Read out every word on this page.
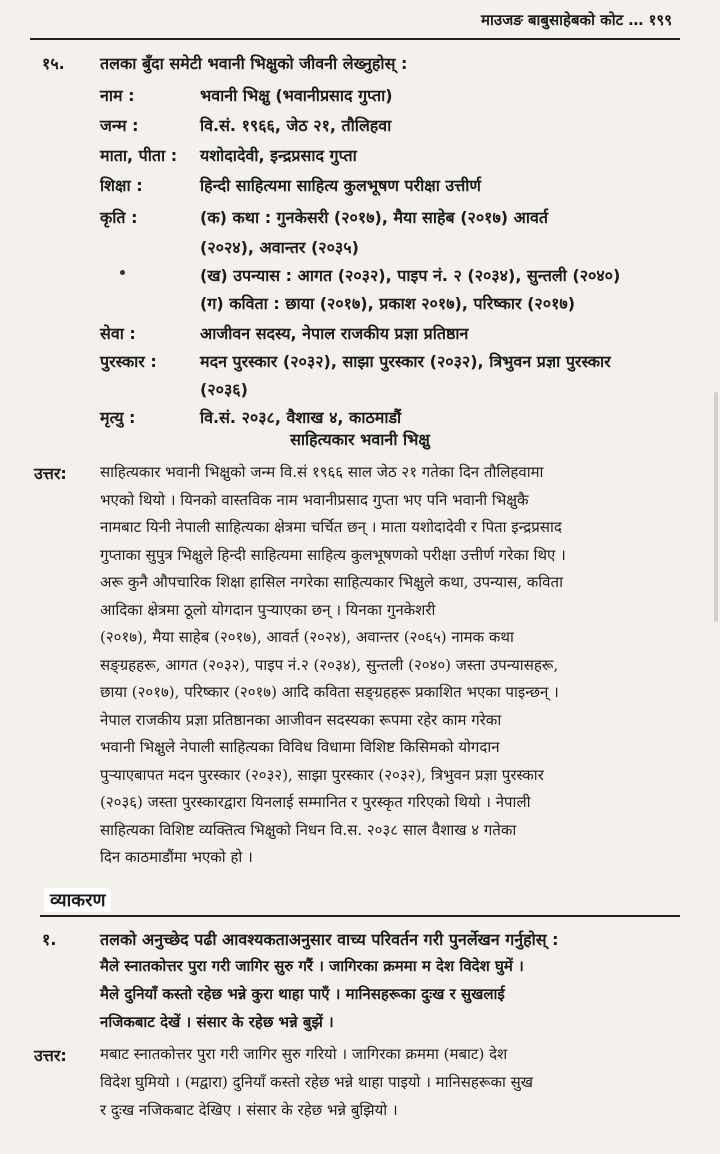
माउजङ बाबुसाहेबको कोट … १९९
१५. तलका बुँदा समेटी भवानी भिक्षुको जीवनी लेख्नुहोस् :
नाम :	भवानी भिक्षु (भवानीप्रसाद गुप्ता)
जन्म :	वि.सं. १९६६, जेठ २१, तौलिहवा
माता, पीता : यशोदादेवी, इन्द्रप्रसाद गुप्ता
शिक्षा :	हिन्दी साहित्यमा साहित्य कुलभूषण परीक्षा उत्तीर्ण
कृति :	(क) कथा : गुनकेसरी (२०१७), मैया साहेब (२०१७) आवर्त
(२०२४), अवान्तर (२०३५)
(ख) उपन्यास : आगत (२०३२), पाइप नं. २ (२०३४), सुन्तली (२०४०)
(ग) कविता : छाया (२०१७), प्रकाश २०१७), परिष्कार (२०१७)
सेवा :	आजीवन सदस्य, नेपाल राजकीय प्रज्ञा प्रतिष्ठान
पुरस्कार :	मदन पुरस्कार (२०३२), साझा पुरस्कार (२०३२), त्रिभुवन प्रज्ञा पुरस्कार
(२०३६)
मृत्यु :	वि.सं. २०३८, वैशाख ४, काठमाडौं
साहित्यकार भवानी भिक्षु
उत्तर: साहित्यकार भवानी भिक्षुको जन्म वि.सं १९६६ साल जेठ २१ गतेका दिन तौलिहवामा
भएको थियो । यिनको वास्तविक नाम भवानीप्रसाद गुप्ता भए पनि भवानी भिक्षुकै
नामबाट यिनी नेपाली साहित्यका क्षेत्रमा चर्चित छन् । माता यशोदादेवी र पिता इन्द्रप्रसाद
गुप्ताका सुपुत्र भिक्षुले हिन्दी साहित्यमा साहित्य कुलभूषणको परीक्षा उत्तीर्ण गरेका थिए ।
अरू कुनै औपचारिक शिक्षा हासिल नगरेका साहित्यकार भिक्षुले कथा, उपन्यास, कविता
आदिका क्षेत्रमा ठूलो योगदान पुऱ्याएका छन् । यिनका गुनकेशरी
(२०१७), मैया साहेब (२०१७), आवर्त (२०२४), अवान्तर (२०६५) नामक कथा
सङ्ग्रहहरू, आगत (२०३२), पाइप नं.२ (२०३४), सुन्तली (२०४०) जस्ता उपन्यासहरू,
छाया (२०१७), परिष्कार (२०१७) आदि कविता सङ्ग्रहहरू प्रकाशित भएका पाइन्छन् ।
नेपाल राजकीय प्रज्ञा प्रतिष्ठानका आजीवन सदस्यका रूपमा रहेर काम गरेका
भवानी भिक्षुले नेपाली साहित्यका विविध विधामा विशिष्ट किसिमको योगदान
पुऱ्याएबापत मदन पुरस्कार (२०३२), साझा पुरस्कार (२०३२), त्रिभुवन प्रज्ञा पुरस्कार
(२०३६) जस्ता पुरस्कारद्वारा यिनलाई सम्मानित र पुरस्कृत गरिएको थियो । नेपाली
साहित्यका विशिष्ट व्यक्तित्व भिक्षुको निधन वि.स. २०३८ साल वैशाख ४ गतेका
दिन काठमाडौंमा भएको हो ।
व्याकरण
१.	तलको अनुच्छेद पढी आवश्यकताअनुसार वाच्य परिवर्तन गरी पुनर्लेखन गर्नुहोस् :
मैले स्नातकोत्तर पुरा गरी जागिर सुरु गरैं । जागिरका क्रममा म देश विदेश घुमें ।
मैले दुनियाँ कस्तो रहेछ भन्ने कुरा थाहा पाएँ । मानिसहरूका दुःख र सुखलाई
नजिकबाट देखें । संसार के रहेछ भन्ने बुझें ।
उत्तर: मबाट स्नातकोत्तर पुरा गरी जागिर सुरु गरियो । जागिरका क्रममा (मबाट) देश
विदेश घुमियो । (मद्वारा) दुनियाँ कस्तो रहेछ भन्ने थाहा पाइयो । मानिसहरूका सुख
र दुःख नजिकबाट देखिए । संसार के रहेछ भन्ने बुझियो ।
